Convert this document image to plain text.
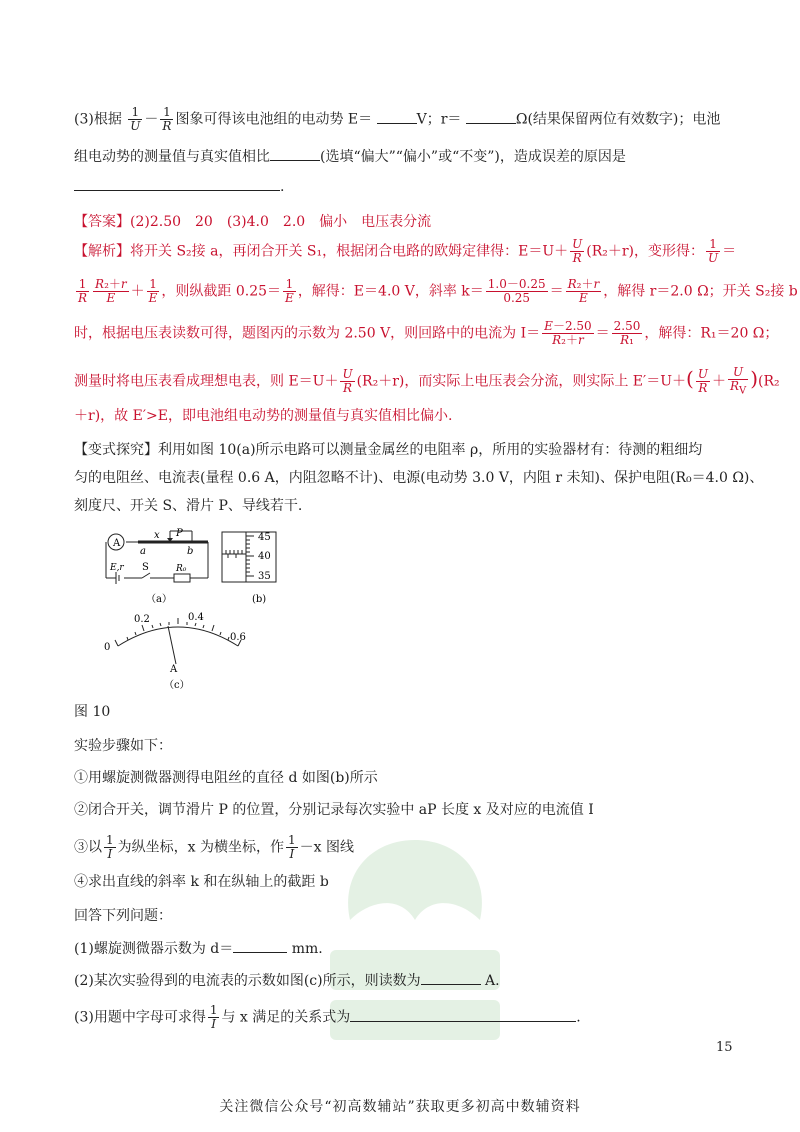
(3)根据 $\frac{1}{U} - \frac{1}{R}$ 图象可得该电池组的电动势 E＝	V；r＝	Ω(结果保留两位有效数字)；电池
组电动势的测量值与真实值相比	(选填“偏大”“偏小”或“不变”)，造成误差的原因是
.
【答案】(2)2.50　20　(3)4.0　2.0　偏小　电压表分流
【解析】将开关 S₂接 a，再闭合开关 S₁，根据闭合电路的欧姆定律得：$E=U+ \frac{U}{R} (R_2+r)$，变形得： $\frac{1}{U}$ ＝
$\frac{1}{R} \frac{\text{R₂＋r}}{E} + \frac{1}{E}$ ，则纵截距 $0.25= \frac{1}{E}$ ，解得：E＝4.0 V，斜率 $k= \frac{1.0-0.25}{0.25} = \frac{\text{R₂＋r}}{E}$ ，解得 r＝2.0 Ω；开关 S₂接 b
时，根据电压表读数可得，题图丙的示数为 2.50 V，则回路中的电流为 $I= \frac{E-2.50}{\text{R₂＋r}} = \frac{2.50}{\text{R₁}}$ ，解得：R₁＝20 Ω；
测量时将电压表看成理想电表，则 $E=U+ \frac{U}{R} (R_2+r)$，而实际上电压表会分流，则实际上 $E'=U+( \frac{U}{R} + \frac{U}{R_V} )(R_2$
＋r)，故 E′>E，即电池组电动势的测量值与真实值相比偏小.
【变式探究】利用如图 10(a)所示电路可以测量金属丝的电阻率 ρ，所用的实验器材有：待测的粗细均
匀的电阻丝、电流表(量程 0.6 A，内阻忽略不计)、电源(电动势 3.0 V，内阻 r 未知)、保护电阻(R₀＝4.0 Ω)、
刻度尺、开关 S、滑片 P、导线若干.
A
x P
a	b
E,r S	R₀
（a）
45
40
35
(b)
0
0.2	0.4
0.6
A
（c）
图 10
实验步骤如下：
①用螺旋测微器测得电阻丝的直径 d 如图(b)所示
②闭合开关，调节滑片 P 的位置，分别记录每次实验中 aP 长度 x 及对应的电流值 I
③以 $\frac{1}{I}$ 为纵坐标，x 为横坐标，作 $\frac{1}{I} -x$ 图线
④求出直线的斜率 k 和在纵轴上的截距 b
回答下列问题：
(1)螺旋测微器示数为 d＝	mm.
(2)某次实验得到的电流表的示数如图(c)所示，则读数为	A.
(3)用题中字母可求得 $\frac{1}{I}$ 与 x 满足的关系式为	.
15
关注微信公众号“初高数辅站”获取更多初高中数辅资料
